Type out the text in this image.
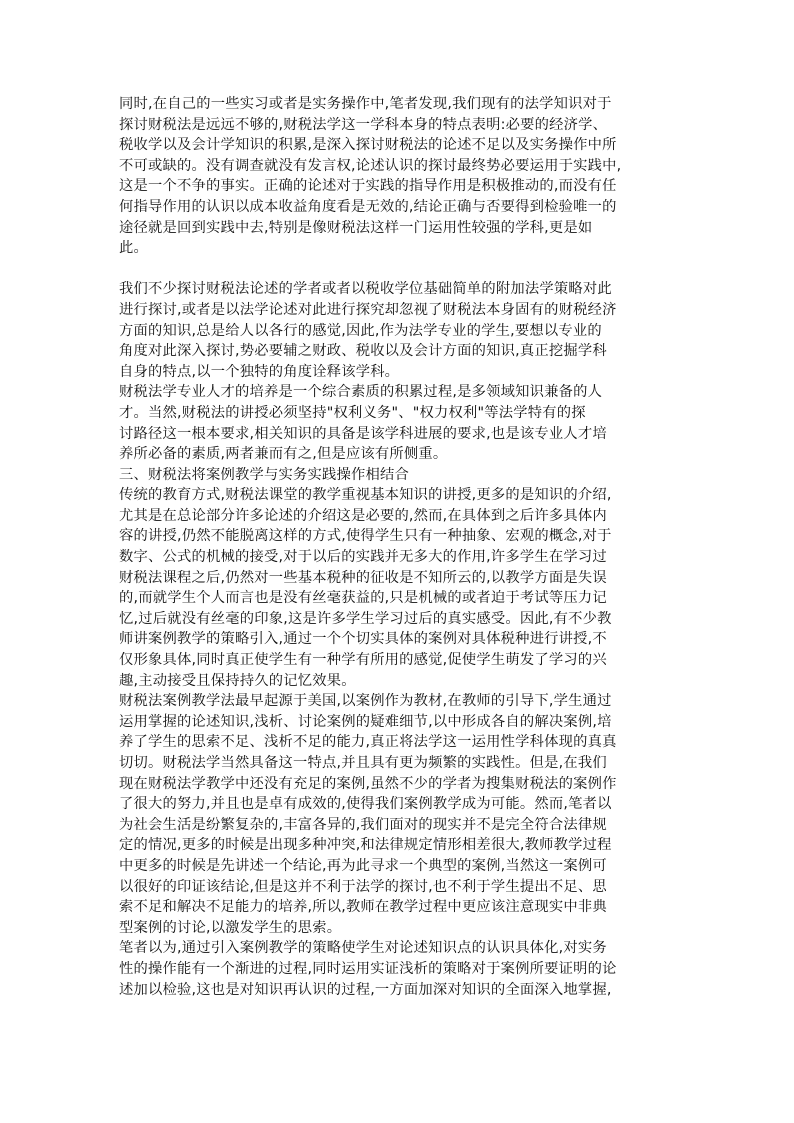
同时,在自己的一些实习或者是实务操作中,笔者发现,我们现有的法学知识对于
探讨财税法是远远不够的,财税法学这一学科本身的特点表明:必要的经济学、
税收学以及会计学知识的积累,是深入探讨财税法的论述不足以及实务操作中所
不可或缺的。没有调查就没有发言权,论述认识的探讨最终势必要运用于实践中,
这是一个不争的事实。正确的论述对于实践的指导作用是积极推动的,而没有任
何指导作用的认识以成本收益角度看是无效的,结论正确与否要得到检验唯一的
途径就是回到实践中去,特别是像财税法这样一门运用性较强的学科,更是如
此。

我们不少探讨财税法论述的学者或者以税收学位基础简单的附加法学策略对此
进行探讨,或者是以法学论述对此进行探究却忽视了财税法本身固有的财税经济
方面的知识,总是给人以各行的感觉,因此,作为法学专业的学生,要想以专业的
角度对此深入探讨,势必要辅之财政、税收以及会计方面的知识,真正挖掘学科
自身的特点,以一个独特的角度诠释该学科。

财税法学专业人才的培养是一个综合素质的积累过程,是多领域知识兼备的人
才。当然,财税法的讲授必须坚持"权利义务"、"权力权利"等法学特有的探
讨路径这一根本要求,相关知识的具备是该学科进展的要求,也是该专业人才培
养所必备的素质,两者兼而有之,但是应该有所侧重。

三、财税法将案例教学与实务实践操作相结合

传统的教育方式,财税法课堂的教学重视基本知识的讲授,更多的是知识的介绍,
尤其是在总论部分许多论述的介绍这是必要的,然而,在具体到之后许多具体内
容的讲授,仍然不能脱离这样的方式,使得学生只有一种抽象、宏观的概念,对于
数字、公式的机械的接受,对于以后的实践并无多大的作用,许多学生在学习过
财税法课程之后,仍然对一些基本税种的征收是不知所云的,以教学方面是失误
的,而就学生个人而言也是没有丝毫获益的,只是机械的或者迫于考试等压力记
忆,过后就没有丝毫的印象,这是许多学生学习过后的真实感受。因此,有不少教
师讲案例教学的策略引入,通过一个个切实具体的案例对具体税种进行讲授,不
仅形象具体,同时真正使学生有一种学有所用的感觉,促使学生萌发了学习的兴
趣,主动接受且保持持久的记忆效果。

财税法案例教学法最早起源于美国,以案例作为教材,在教师的引导下,学生通过
运用掌握的论述知识,浅析、讨论案例的疑难细节,以中形成各自的解决案例,培
养了学生的思索不足、浅析不足的能力,真正将法学这一运用性学科体现的真真
切切。财税法学当然具备这一特点,并且具有更为频繁的实践性。但是,在我们
现在财税法学教学中还没有充足的案例,虽然不少的学者为搜集财税法的案例作
了很大的努力,并且也是卓有成效的,使得我们案例教学成为可能。然而,笔者以
为社会生活是纷繁复杂的,丰富各异的,我们面对的现实并不是完全符合法律规
定的情况,更多的时候是出现多种冲突,和法律规定情形相差很大,教师教学过程
中更多的时候是先讲述一个结论,再为此寻求一个典型的案例,当然这一案例可
以很好的印证该结论,但是这并不利于法学的探讨,也不利于学生提出不足、思
索不足和解决不足能力的培养,所以,教师在教学过程中更应该注意现实中非典
型案例的讨论,以激发学生的思索。

笔者以为,通过引入案例教学的策略使学生对论述知识点的认识具体化,对实务
性的操作能有一个渐进的过程,同时运用实证浅析的策略对于案例所要证明的论
述加以检验,这也是对知识再认识的过程,一方面加深对知识的全面深入地掌握,
